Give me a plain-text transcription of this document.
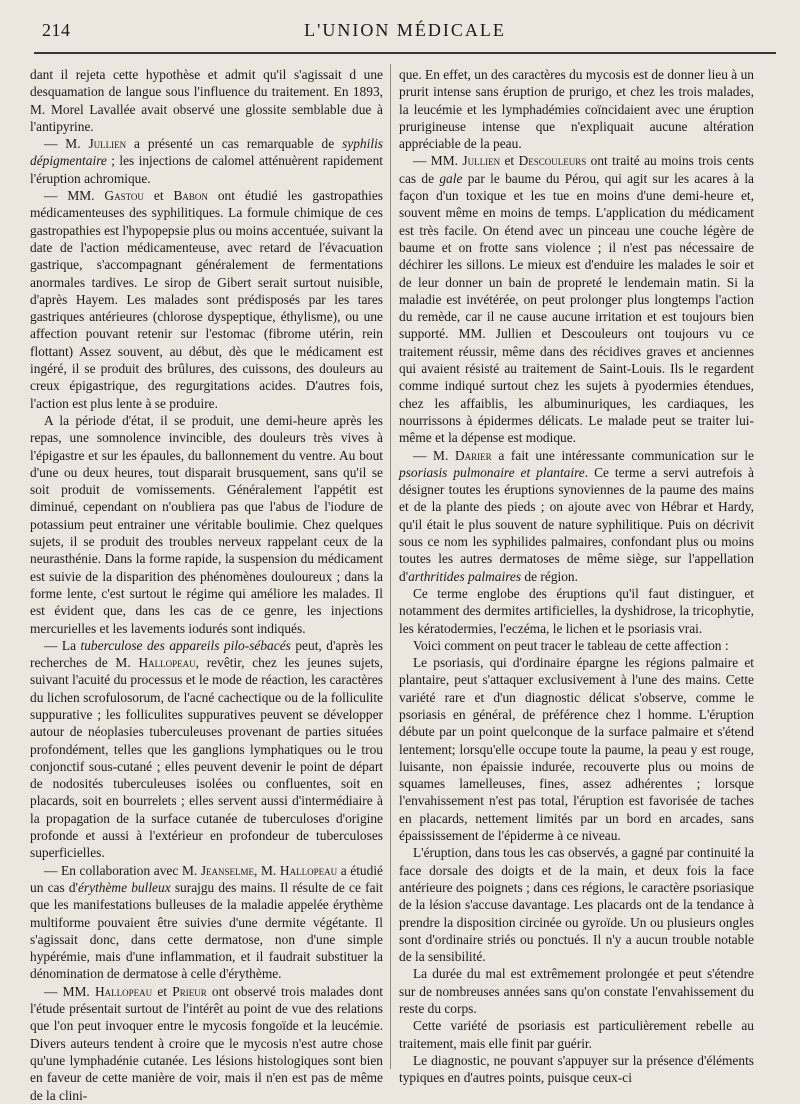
214	L'UNION MÉDICALE

dant il rejeta cette hypothèse et admit qu'il s'agissait d une desquamation de langue sous l'influence du traitement. En 1893, M. Morel Lavallée avait observé une glossite semblable due à l'antipyrine.

— M. Jullien a présenté un cas remarquable de syphilis dépigmentaire ; les injections de calomel atténuèrent rapidement l'éruption achromique.

— MM. Gastou et Babon ont étudié les gastropathies médicamenteuses des syphilitiques. La formule chimique de ces gastropathies est l'hypopepsie plus ou moins accentuée, suivant la date de l'action médicamenteuse, avec retard de l'évacuation gastrique, s'accompagnant généralement de fermentations anormales tardives. Le sirop de Gibert serait surtout nuisible, d'après Hayem. Les malades sont prédisposés par les tares gastriques antérieures (chlorose dyspeptique, éthylisme), ou une affection pouvant retenir sur l'estomac (fibrome utérin, rein flottant) Assez souvent, au début, dès que le médicament est ingéré, il se produit des brûlures, des cuissons, des douleurs au creux épigastrique, des regurgitations acides. D'autres fois, l'action est plus lente à se produire.

A la période d'état, il se produit, une demi-heure après les repas, une somnolence invincible, des douleurs très vives à l'épigastre et sur les épaules, du ballonnement du ventre. Au bout d'une ou deux heures, tout disparait brusquement, sans qu'il se soit produit de vomissements. Généralement l'appétit est diminué, cependant on n'oubliera pas que l'abus de l'iodure de potassium peut entrainer une véritable boulimie. Chez quelques sujets, il se produit des troubles nerveux rappelant ceux de la neurasthénie. Dans la forme rapide, la suspension du médicament est suivie de la disparition des phénomènes douloureux ; dans la forme lente, c'est surtout le régime qui améliore les malades. Il est évident que, dans les cas de ce genre, les injections mercurielles et les lavements iodurés sont indiqués.

— La tuberculose des appareils pilo-sébacés peut, d'après les recherches de M. Hallopeau, revêtir, chez les jeunes sujets, suivant l'acuité du processus et le mode de réaction, les caractères du lichen scrofulosorum, de l'acné cachectique ou de la folliculite suppurative ; les folliculites suppuratives peuvent se développer autour de néoplasies tuberculeuses provenant de parties situées profondément, telles que les ganglions lymphatiques ou le trou conjonctif sous-cutané ; elles peuvent devenir le point de départ de nodosités tuberculeuses isolées ou confluentes, soit en placards, soit en bourrelets ; elles servent aussi d'intermédiaire à la propagation de la surface cutanée de tuberculoses d'origine profonde et aussi à l'extérieur en profondeur de tuberculoses superficielles.

— En collaboration avec M. Jeanselme, M. Hallopeau a étudié un cas d'érythème bulleux surajgu des mains. Il résulte de ce fait que les manifestations bulleuses de la maladie appelée érythème multiforme pouvaient être suivies d'une dermite végétante. Il s'agissait donc, dans cette dermatose, non d'une simple hypérémie, mais d'une inflammation, et il faudrait substituer la dénomination de dermatose à celle d'érythème.

— MM. Hallopeau et Prieur ont observé trois malades dont l'étude présentait surtout de l'intérêt au point de vue des relations que l'on peut invoquer entre le mycosis fongoïde et la leucémie. Divers auteurs tendent à croire que le mycosis n'est autre chose qu'une lymphadénie cutanée. Les lésions histologiques sont bien en faveur de cette manière de voir, mais il n'en est pas de même de la clini-

que. En effet, un des caractères du mycosis est de donner lieu à un prurit intense sans éruption de prurigo, et chez les trois malades, la leucémie et les lymphadémies coïncidaient avec une éruption prurigineuse intense que n'expliquait aucune altération appréciable de la peau.

— MM. Jullien et Descouleurs ont traité au moins trois cents cas de gale par le baume du Pérou, qui agit sur les acares à la façon d'un toxique et les tue en moins d'une demi-heure et, souvent même en moins de temps. L'application du médicament est très facile. On étend avec un pinceau une couche légère de baume et on frotte sans violence ; il n'est pas nécessaire de déchirer les sillons. Le mieux est d'enduire les malades le soir et de leur donner un bain de propreté le lendemain matin. Si la maladie est invétérée, on peut prolonger plus longtemps l'action du remède, car il ne cause aucune irritation et est toujours bien supporté. MM. Jullien et Descouleurs ont toujours vu ce traitement réussir, même dans des récidives graves et anciennes qui avaient résisté au traitement de Saint-Louis. Ils le regardent comme indiqué surtout chez les sujets à pyodermies étendues, chez les affaiblis, les albuminuriques, les cardiaques, les nourrissons à épidermes délicats. Le malade peut se traiter lui-même et la dépense est modique.

— M. Darier a fait une intéressante communication sur le psoriasis pulmonaire et plantaire. Ce terme a servi autrefois à désigner toutes les éruptions synoviennes de la paume des mains et de la plante des pieds ; on ajoute avec von Hébrar et Hardy, qu'il était le plus souvent de nature syphilitique. Puis on décrivit sous ce nom les syphilides palmaires, confondant plus ou moins toutes les autres dermatoses de même siège, sur l'appellation d'arthritides palmaires de région.

Ce terme englobe des éruptions qu'il faut distinguer, et notamment des dermites artificielles, la dyshidrose, la tricophytie, les kératodermies, l'eczéma, le lichen et le psoriasis vrai.

Voici comment on peut tracer le tableau de cette affection :

Le psoriasis, qui d'ordinaire épargne les régions palmaire et plantaire, peut s'attaquer exclusivement à l'une des mains. Cette variété rare et d'un diagnostic délicat s'observe, comme le psoriasis en général, de préférence chez l homme. L'éruption débute par un point quelconque de la surface palmaire et s'étend lentement; lorsqu'elle occupe toute la paume, la peau y est rouge, luisante, non épaissie indurée, recouverte plus ou moins de squames lamelleuses, fines, assez adhérentes ; lorsque l'envahissement n'est pas total, l'éruption est favorisée de taches en placards, nettement limités par un bord en arcades, sans épaississement de l'épiderme à ce niveau.

L'éruption, dans tous les cas observés, a gagné par continuité la face dorsale des doigts et de la main, et deux fois la face antérieure des poignets ; dans ces régions, le caractère psoriasique de la lésion s'accuse davantage. Les placards ont de la tendance à prendre la disposition circinée ou gyroïde. Un ou plusieurs ongles sont d'ordinaire striés ou ponctués. Il n'y a aucun trouble notable de la sensibilité.

La durée du mal est extrêmement prolongée et peut s'étendre sur de nombreuses années sans qu'on constate l'envahissement du reste du corps.

Cette variété de psoriasis est particulièrement rebelle au traitement, mais elle finit par guérir.

Le diagnostic, ne pouvant s'appuyer sur la présence d'éléments typiques en d'autres points, puisque ceux-ci
